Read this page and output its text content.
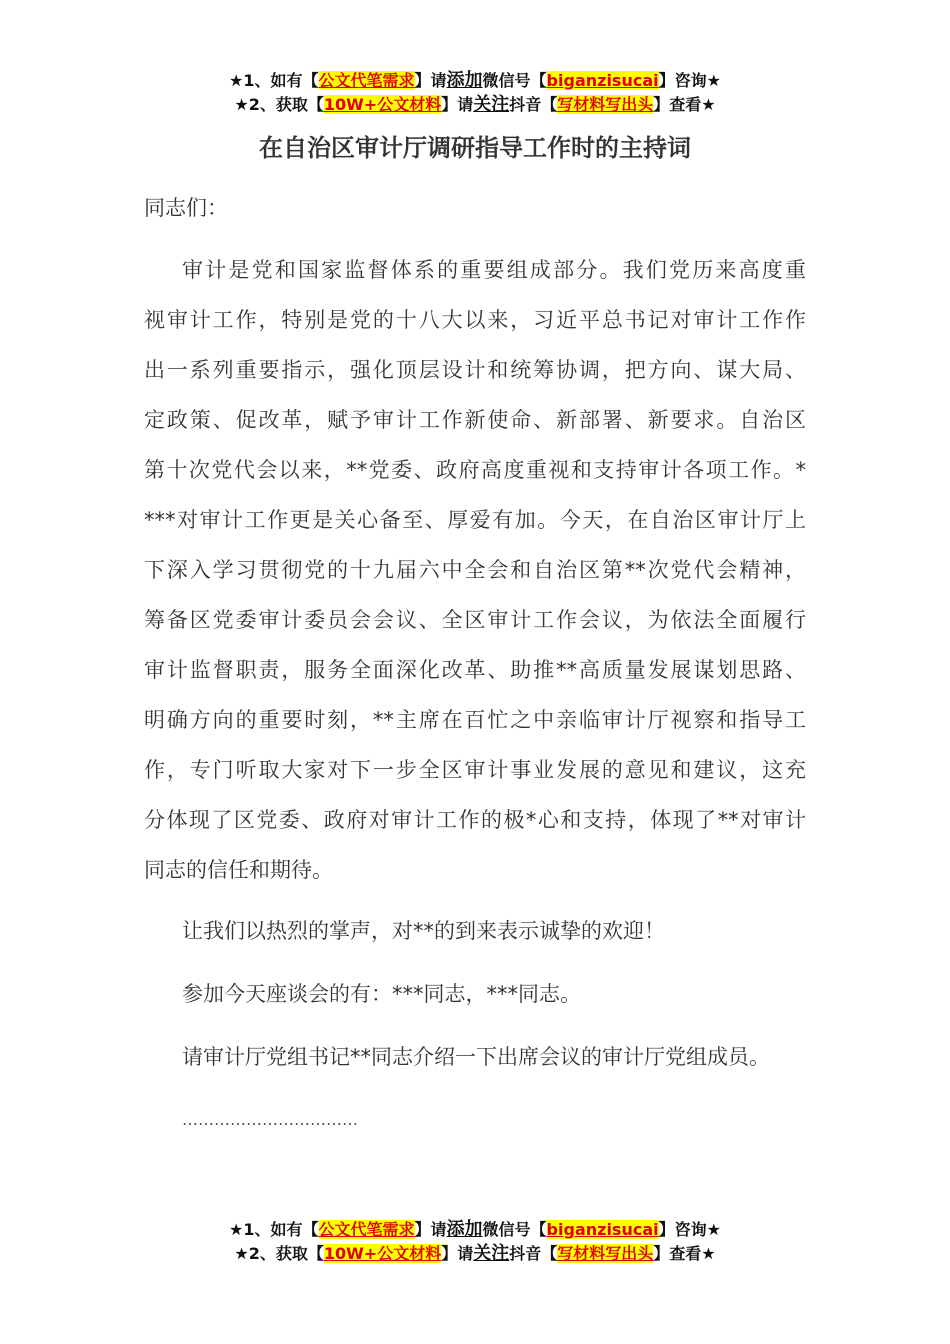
★1、如有【公文代笔需求】请添加微信号【biganzisucai】咨询★
★2、获取【10W+公文材料】请关注抖音【写材料写出头】查看★
在自治区审计厅调研指导工作时的主持词
同志们：
审计是党和国家监督体系的重要组成部分。我们党历来高度重
视审计工作，特别是党的十八大以来，习近平总书记对审计工作作
出一系列重要指示，强化顶层设计和统筹协调，把方向、谋大局、
定政策、促改革，赋予审计工作新使命、新部署、新要求。自治区
第十次党代会以来，**党委、政府高度重视和支持审计各项工作。*
***对审计工作更是关心备至、厚爱有加。今天，在自治区审计厅上
下深入学习贯彻党的十九届六中全会和自治区第**次党代会精神，
筹备区党委审计委员会会议、全区审计工作会议，为依法全面履行
审计监督职责，服务全面深化改革、助推**高质量发展谋划思路、
明确方向的重要时刻，**主席在百忙之中亲临审计厅视察和指导工
作，专门听取大家对下一步全区审计事业发展的意见和建议，这充
分体现了区党委、政府对审计工作的极*心和支持，体现了**对审计
同志的信任和期待。
让我们以热烈的掌声，对**的到来表示诚挚的欢迎！
参加今天座谈会的有：***同志，***同志。
请审计厅党组书记**同志介绍一下出席会议的审计厅党组成员。
……………………………
★1、如有【公文代笔需求】请添加微信号【biganzisucai】咨询★
★2、获取【10W+公文材料】请关注抖音【写材料写出头】查看★
